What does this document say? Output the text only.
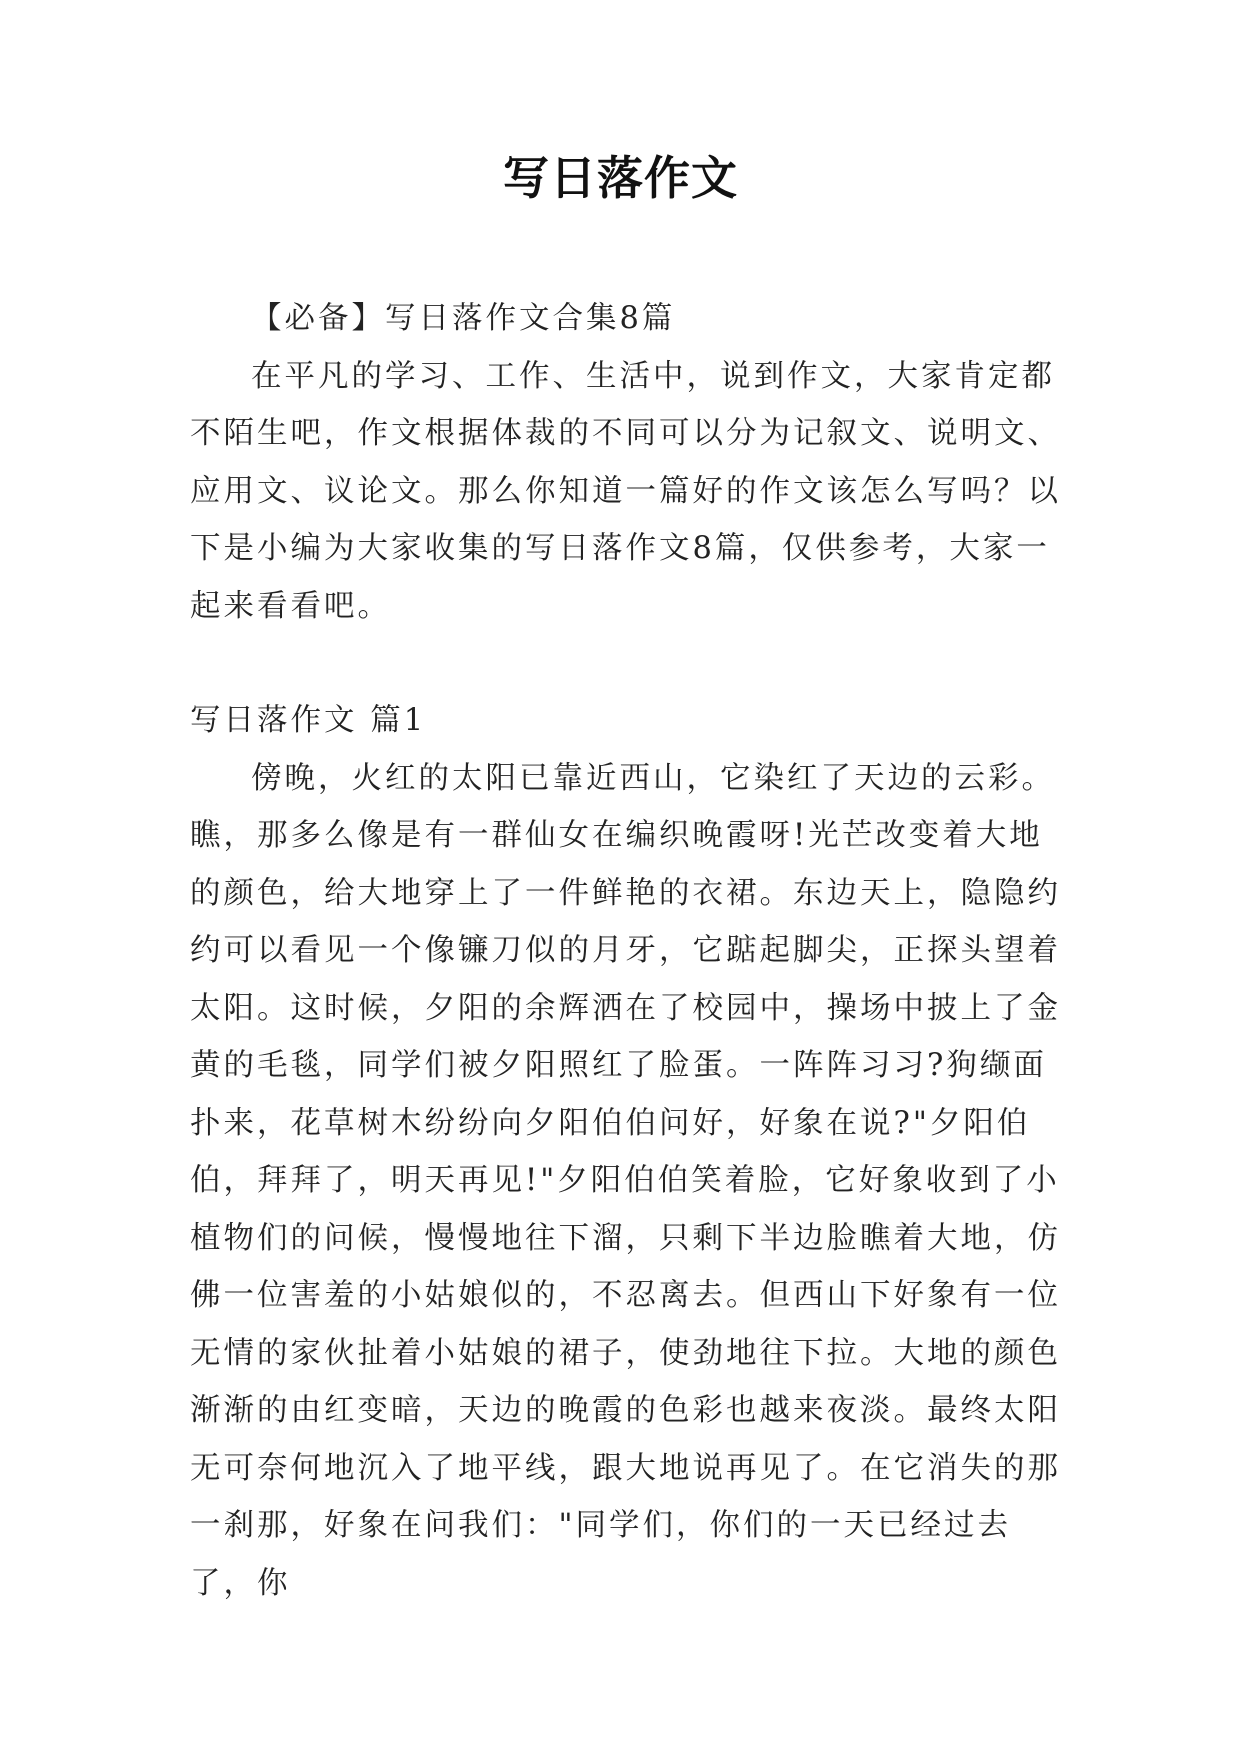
写日落作文

【必备】写日落作文合集8篇

在平凡的学习、工作、生活中，说到作文，大家肯定都不陌生吧，作文根据体裁的不同可以分为记叙文、说明文、应用文、议论文。那么你知道一篇好的作文该怎么写吗？以下是小编为大家收集的写日落作文8篇，仅供参考，大家一起来看看吧。

写日落作文 篇1

傍晚，火红的太阳已靠近西山，它染红了天边的云彩。瞧，那多么像是有一群仙女在编织晚霞呀!光芒改变着大地的颜色，给大地穿上了一件鲜艳的衣裙。东边天上，隐隐约约可以看见一个像镰刀似的月牙，它踮起脚尖，正探头望着太阳。这时候，夕阳的余辉洒在了校园中，操场中披上了金黄的毛毯，同学们被夕阳照红了脸蛋。一阵阵习习?狗缬面扑来，花草树木纷纷向夕阳伯伯问好，好象在说?"夕阳伯伯，拜拜了，明天再见!"夕阳伯伯笑着脸，它好象收到了小植物们的问候，慢慢地往下溜，只剩下半边脸瞧着大地，仿佛一位害羞的小姑娘似的，不忍离去。但西山下好象有一位无情的家伙扯着小姑娘的裙子，使劲地往下拉。大地的颜色渐渐的由红变暗，天边的晚霞的色彩也越来夜淡。最终太阳无可奈何地沉入了地平线，跟大地说再见了。在它消失的那一刹那，好象在问我们："同学们，你们的一天已经过去了，你
